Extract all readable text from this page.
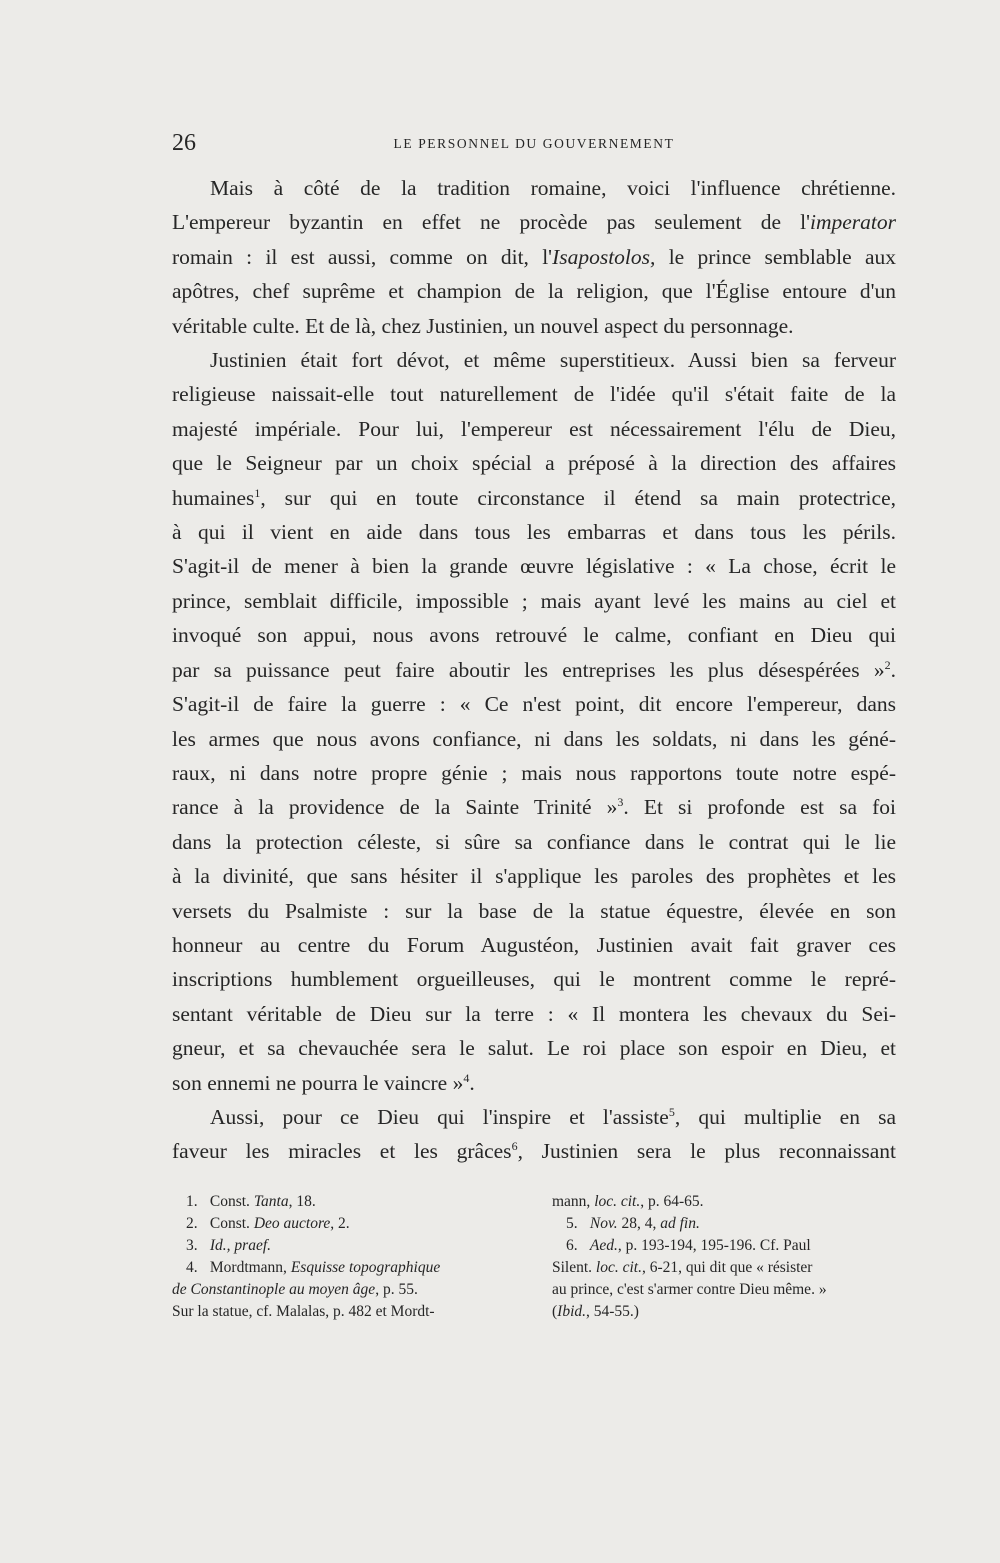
26	LE PERSONNEL DU GOUVERNEMENT

Mais à côté de la tradition romaine, voici l'influence chrétienne.
L'empereur byzantin en effet ne procède pas seulement de l'imperator
romain : il est aussi, comme on dit, l'Isapostolos, le prince semblable aux
apôtres, chef suprême et champion de la religion, que l'Église entoure d'un
véritable culte. Et de là, chez Justinien, un nouvel aspect du personnage.

Justinien était fort dévot, et même superstitieux. Aussi bien sa ferveur
religieuse naissait-elle tout naturellement de l'idée qu'il s'était faite de la
majesté impériale. Pour lui, l'empereur est nécessairement l'élu de Dieu,
que le Seigneur par un choix spécial a préposé à la direction des affaires
humaines$^1$, sur qui en toute circonstance il étend sa main protectrice,
à qui il vient en aide dans tous les embarras et dans tous les périls.
S'agit-il de mener à bien la grande œuvre législative : « La chose, écrit le
prince, semblait difficile, impossible ; mais ayant levé les mains au ciel et
invoqué son appui, nous avons retrouvé le calme, confiant en Dieu qui
par sa puissance peut faire aboutir les entreprises les plus désespérées »$^2$.
S'agit-il de faire la guerre : « Ce n'est point, dit encore l'empereur, dans
les armes que nous avons confiance, ni dans les soldats, ni dans les géné-
raux, ni dans notre propre génie ; mais nous rapportons toute notre espé-
rance à la providence de la Sainte Trinité »$^3$. Et si profonde est sa foi
dans la protection céleste, si sûre sa confiance dans le contrat qui le lie
à la divinité, que sans hésiter il s'applique les paroles des prophètes et les
versets du Psalmiste : sur la base de la statue équestre, élevée en son
honneur au centre du Forum Augustéon, Justinien avait fait graver ces
inscriptions humblement orgueilleuses, qui le montrent comme le repré-
sentant véritable de Dieu sur la terre : « Il montera les chevaux du Sei-
gneur, et sa chevauchée sera le salut. Le roi place son espoir en Dieu, et
son ennemi ne pourra le vaincre »$^4$.

Aussi, pour ce Dieu qui l'inspire et l'assiste$^5$, qui multiplie en sa
faveur les miracles et les grâces$^6$, Justinien sera le plus reconnaissant

1. Const. Tanta, 18.

2. Const. Deo auctore, 2.

3. Id., praef.

4. Mordtmann, Esquisse topographique

de Constantinople au moyen âge, p. 55.

Sur la statue, cf. Malalas, p. 482 et Mordt-

mann, loc. cit., p. 64-65.

5. Nov. 28, 4, ad fin.

6. Aed., p. 193-194, 195-196. Cf. Paul

Silent. loc. cit., 6-21, qui dit que « résister

au prince, c'est s'armer contre Dieu même. »

(Ibid., 54-55.)
